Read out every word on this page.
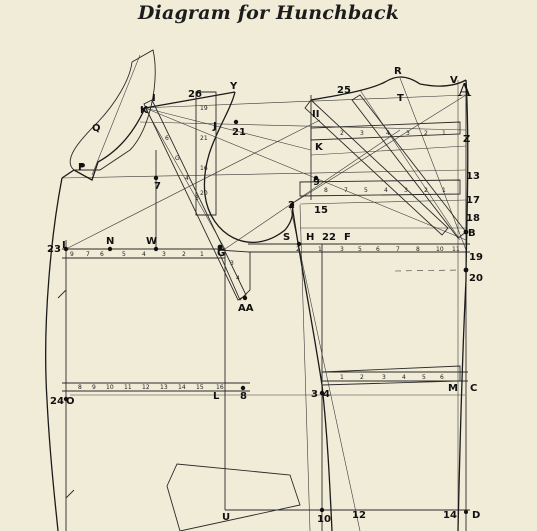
Diagram for Hunchback
9 7 6	5	4	3	2 1
2	1	3 5 6	7	8	10 11
8 9 10 11 12 13 14 15 16
1	2	3	4	5 6
2	3	4	3 2 1
8	7	5	4	3	2 1
19
21
16
20
6
G
4
3
3
4
23 I	N	W
G
S H 22 F	B
19
20
24 O	L 8	3 4
M C
U	10 12	14 D
Q
P
K
I	26
Y
J
21
7
AA
25
R
T
V A
Z
II
K
9
2 15
13
17
18
